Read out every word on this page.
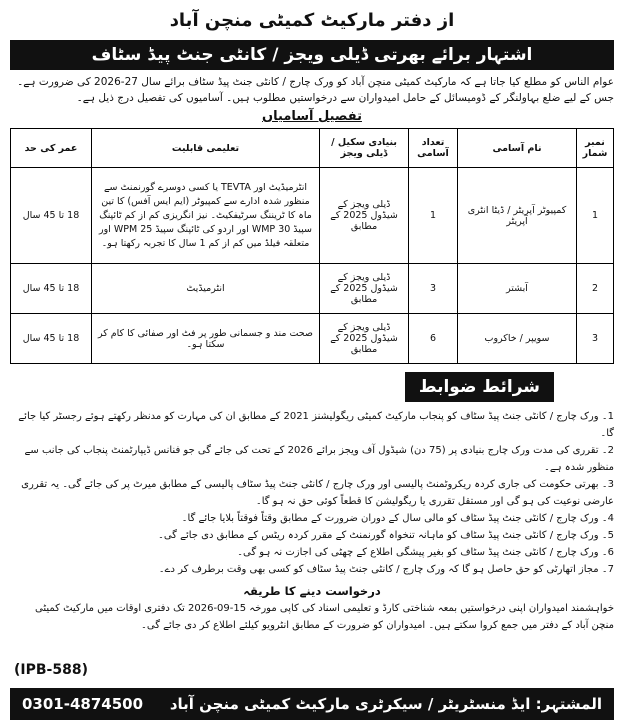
از دفتر مارکیٹ کمیٹی منچن آباد
اشتہار برائے بھرتی ڈیلی ویجز / کانٹی جنٹ پیڈ سٹاف
عوام الناس کو مطلع کیا جاتا ہے کہ مارکیٹ کمیٹی منچن آباد کو ورک چارج / کانٹی جنٹ پیڈ سٹاف برائے سال 27-2026 کی ضرورت ہے۔ جس کے لیے ضلع بہاولنگر کے ڈومیسائل کے حامل امیدواران سے درخواستیں مطلوب ہیں۔ آسامیوں کی تفصیل درج ذیل ہے۔
تفصیل آسامیاں
نمبر شمار	نام آسامی	تعداد آسامی	بنیادی سکیل / ڈیلی ویجز	تعلیمی قابلیت	عمر کی حد
1	کمپیوٹر آپریٹر / ڈیٹا انٹری آپریٹر	1	ڈیلی ویجز کے شیڈول 2025 کے مطابق	انٹرمیڈیٹ اور TEVTA یا کسی دوسرے گورنمنٹ سے منظور شدہ ادارے سے کمپیوٹر (ایم ایس آفس) کا تین ماہ کا ٹریننگ سرٹیفکیٹ۔ نیز انگریزی کم از کم ٹائپنگ سپیڈ 30 WMP اور اردو کی ٹائپنگ سپیڈ 25 WPM اور متعلقہ فیلڈ میں کم از کم 1 سال کا تجربہ رکھتا ہو۔	18 تا 45 سال
2	آبشتر	3	ڈیلی ویجز کے شیڈول 2025 کے مطابق	انٹرمیڈیٹ	18 تا 45 سال
3	سویپر / خاکروب	6	ڈیلی ویجز کے شیڈول 2025 کے مطابق	صحت مند و جسمانی طور پر فٹ اور صفائی کا کام کر سکتا ہو۔	18 تا 45 سال
شرائط ضوابط
1۔ ورک چارج / کانٹی جنٹ پیڈ سٹاف کو پنجاب مارکیٹ کمیٹی ریگولیشنز 2021 کے مطابق ان کی مہارت کو مدنظر رکھتے ہوئے رجسٹر کیا جائے گا۔
2۔ تقرری کی مدت ورک چارج بنیادی پر (75 دن) شیڈول آف ویجز برائے 2026 کے تحت کی جائے گی جو فنانس ڈیپارٹمنٹ پنجاب کی جانب سے منظور شدہ ہے۔
3۔ بھرتی حکومت کی جاری کردہ ریکروٹمنٹ پالیسی اور ورک چارج / کانٹی جنٹ پیڈ سٹاف پالیسی کے مطابق میرٹ پر کی جائے گی۔ یہ تقرری عارضی نوعیت کی ہو گی اور مستقل تقرری یا ریگولیشن کا قطعاً کوئی حق نہ ہو گا۔
4۔ ورک چارج / کانٹی جنٹ پیڈ سٹاف کو مالی سال کے دوران ضرورت کے مطابق وقتاً فوقتاً بلایا جائے گا۔
5۔ ورک چارج / کانٹی جنٹ پیڈ سٹاف کو ماہانہ تنخواہ گورنمنٹ کے مقرر کردہ ریٹس کے مطابق دی جائے گی۔
6۔ ورک چارج / کانٹی جنٹ پیڈ سٹاف کو بغیر پیشگی اطلاع کے چھٹی کی اجازت نہ ہو گی۔
7۔ مجاز اتھارٹی کو حق حاصل ہو گا کہ ورک چارج / کانٹی جنٹ پیڈ سٹاف کو کسی بھی وقت برطرف کر دے۔
درخواست دینے کا طریقہ
خواہشمند امیدواران اپنی درخواستیں بمعہ شناختی کارڈ و تعلیمی اسناد کی کاپی مورخہ 15-09-2026 تک دفتری اوقات میں مارکیٹ کمیٹی منچن آباد کے دفتر میں جمع کروا سکتے ہیں۔ امیدواران کو ضرورت کے مطابق انٹرویو کیلئے اطلاع کر دی جائے گی۔
(IPB-588)
المشتہر: ایڈ منسٹریٹر / سیکرٹری مارکیٹ کمیٹی منچن آباد
0301-4874500
